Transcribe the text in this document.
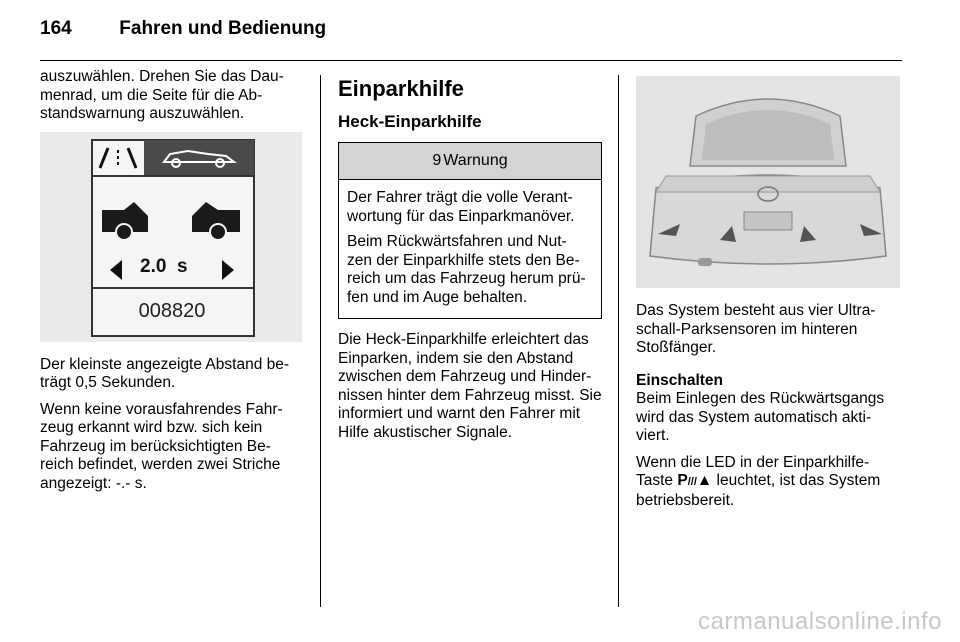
164	Fahren und Bedienung

auszuwählen. Drehen Sie das Dau- menrad, um die Seite für die Ab- standswarnung auszuwählen.

2.0 s
008820

Der kleinste angezeigte Abstand be- trägt 0,5 Sekunden.

Wenn keine vorausfahrendes Fahr- zeug erkannt wird bzw. sich kein Fahrzeug im berücksichtigten Be- reich befindet, werden zwei Striche angezeigt: -.- s.

Einparkhilfe
Heck-Einparkhilfe
9 Warnung

Der Fahrer trägt die volle Verant- wortung für das Einparkmanöver.

Beim Rückwärtsfahren und Nut- zen der Einparkhilfe stets den Be- reich um das Fahrzeug herum prü- fen und im Auge behalten.

Die Heck-Einparkhilfe erleichtert das Einparken, indem sie den Abstand zwischen dem Fahrzeug und Hinder- nissen hinter dem Fahrzeug misst. Sie informiert und warnt den Fahrer mit Hilfe akustischer Signale.

Das System besteht aus vier Ultra- schall-Parksensoren im hinteren Stoßfänger.

Einschalten

Beim Einlegen des Rückwärtsgangs wird das System automatisch akti- viert.

Wenn die LED in der Einparkhilfe- Taste P///▲ leuchtet, ist das System betriebsbereit.

carmanualsonline.info
